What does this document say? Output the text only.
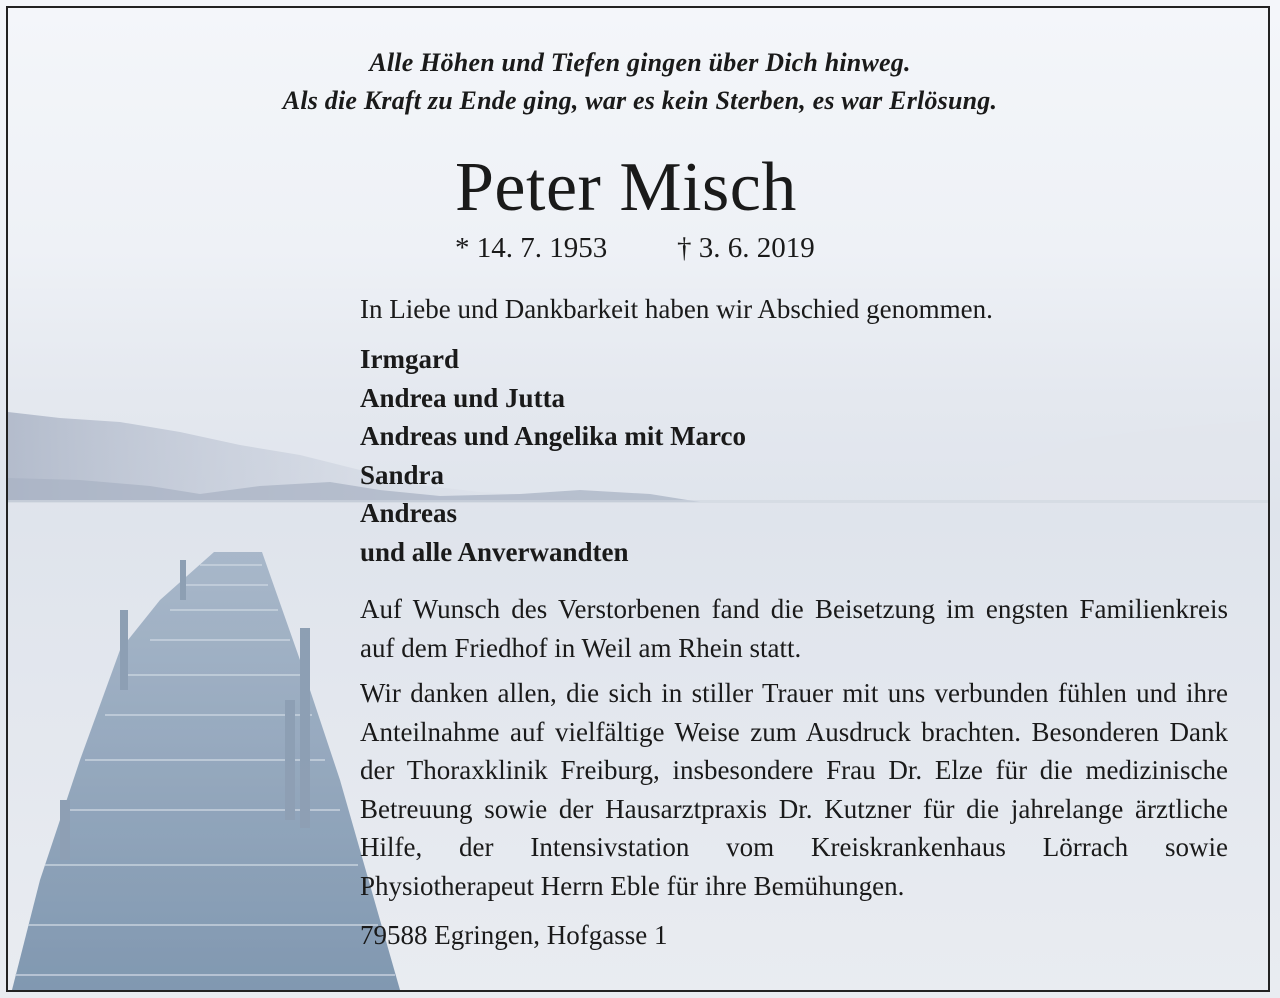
Alle Höhen und Tiefen gingen über Dich hinweg.
Als die Kraft zu Ende ging, war es kein Sterben, es war Erlösung.
Peter Misch
* 14. 7. 1953 † 3. 6. 2019
In Liebe und Dankbarkeit haben wir Abschied genommen.
Irmgard
Andrea und Jutta
Andreas und Angelika mit Marco
Sandra
Andreas
und alle Anverwandten
Auf Wunsch des Verstorbenen fand die Beisetzung im engsten Familienkreis auf dem Friedhof in Weil am Rhein statt.
Wir danken allen, die sich in stiller Trauer mit uns verbunden fühlen und ihre Anteilnahme auf vielfältige Weise zum Ausdruck brachten. Besonderen Dank der Thoraxklinik Freiburg, insbesondere Frau Dr. Elze für die medizinische Betreuung sowie der Hausarztpraxis Dr. Kutzner für die jahrelange ärztliche Hilfe, der Intensivstation vom Kreiskrankenhaus Lörrach sowie Physiotherapeut Herrn Eble für ihre Bemühungen.
79588 Egringen, Hofgasse 1
